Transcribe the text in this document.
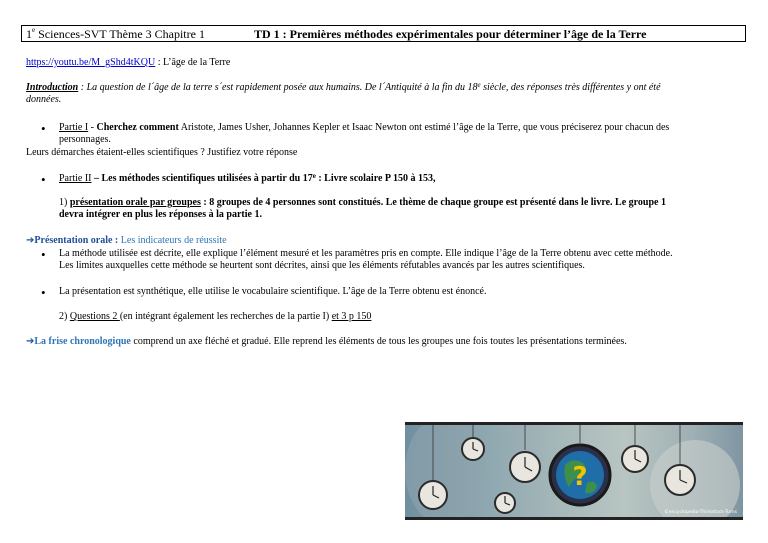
1e Sciences-SVT Thème 3 Chapitre 1	TD 1 : Premières méthodes expérimentales pour déterminer l’âge de la Terre
https://youtu.be/M_gShd4tKQU : L’âge de la Terre
Introduction : La question de l´âge de la terre s´est rapidement posée aux humains. De l´Antiquité à la fin du 18e siècle, des réponses très différentes y ont été
données.
• Partie I - Cherchez comment Aristote, James Usher, Johannes Kepler et Isaac Newton ont estimé l’âge de la Terre, que vous préciserez pour chacun des
personnages.
Leurs démarches étaient-elles scientifiques ? Justifiez votre réponse
• Partie II – Les méthodes scientifiques utilisées à partir du 17e : Livre scolaire P 150 à 153,
1) présentation orale par groupes : 8 groupes de 4 personnes sont constitués. Le thème de chaque groupe est présenté dans le livre. Le groupe 1
devra intégrer en plus les réponses à la partie 1.
➔Présentation orale : Les indicateurs de réussite
• La méthode utilisée est décrite, elle explique l’élément mesuré et les paramètres pris en compte. Elle indique l’âge de la Terre obtenu avec cette méthode.
Les limites auxquelles cette méthode se heurtent sont décrites, ainsi que les éléments réfutables avancés par les autres scientifiques.
• La présentation est synthétique, elle utilise le vocabulaire scientifique. L’âge de la Terre obtenu est énoncé.
2) Questions 2 (en intégrant également les recherches de la partie I) et 3 p 150
➔La frise chronologique comprend un axe fléché et gradué. Elle reprend les éléments de tous les groupes une fois toutes les présentations terminées.
?
©encyclopedia-Thinkstock-Turns
